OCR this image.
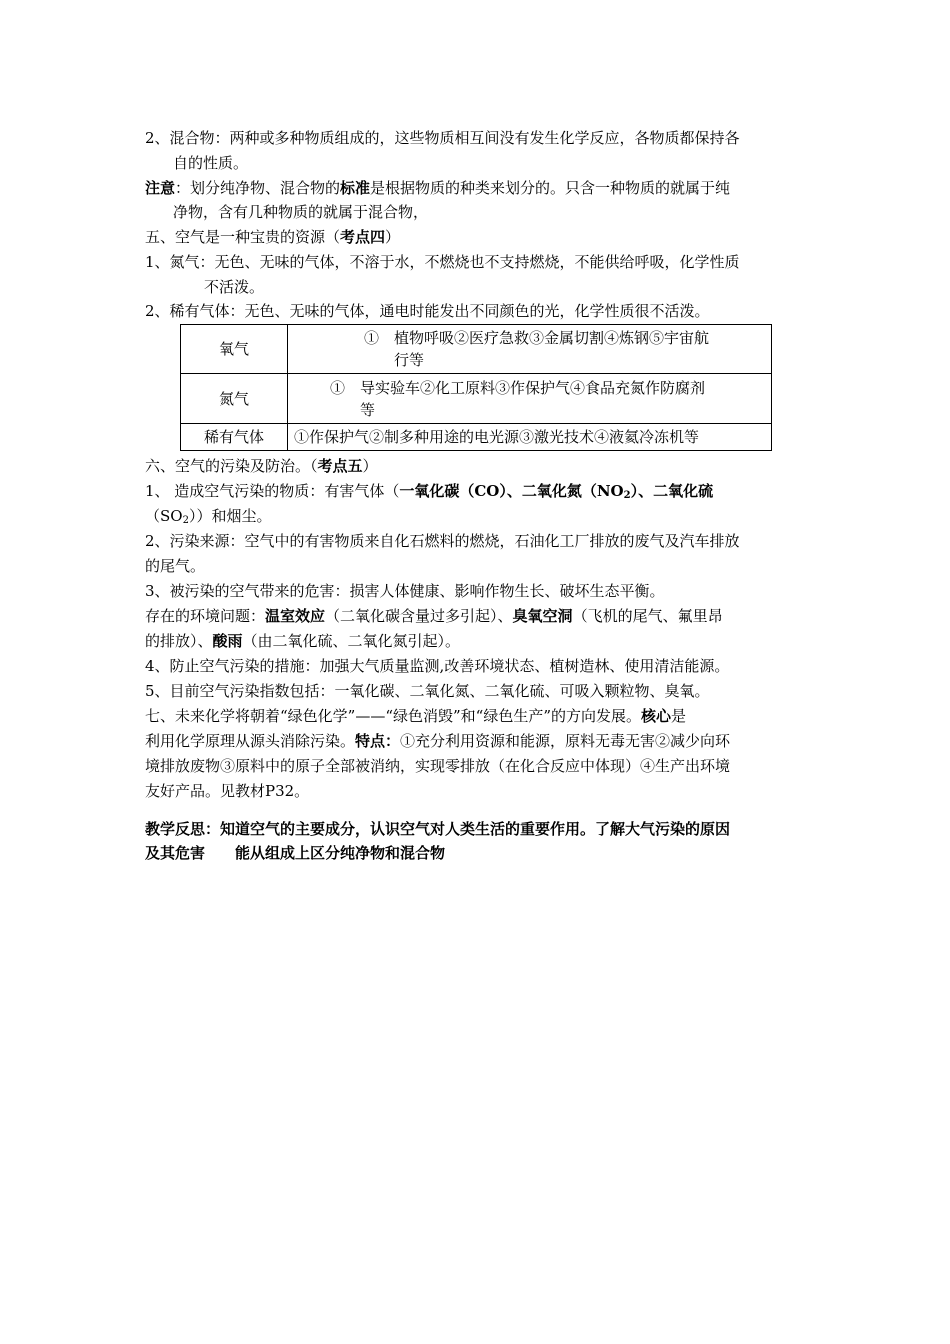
2、混合物：两种或多种物质组成的，这些物质相互间没有发生化学反应，各物质都保持各
自的性质。
注意：划分纯净物、混合物的标准是根据物质的种类来划分的。只含一种物质的就属于纯
净物，含有几种物质的就属于混合物，
五、空气是一种宝贵的资源（考点四）
1、氮气：无色、无味的气体，不溶于水，不燃烧也不支持燃烧，不能供给呼吸，化学性质
不活泼。
2、稀有气体：无色、无味的气体，通电时能发出不同颜色的光，化学性质很不活泼。
氧气	①　植物呼吸②医疗急救③金属切割④炼钢⑤宇宙航
行等

氮气	①　导实验车②化工原料③作保护气④食品充氮作防腐剂
等

稀有气体	①作保护气②制多种用途的电光源③激光技术④液氦冷冻机等
六、空气的污染及防治。（考点五）
1、 造成空气污染的物质：有害气体（一氧化碳（CO）、二氧化氮$(NO_2)$、二氧化硫
$(SO_2)$）和烟尘。
2、污染来源：空气中的有害物质来自化石燃料的燃烧，石油化工厂排放的废气及汽车排放
的尾气。
3、被污染的空气带来的危害：损害人体健康、影响作物生长、破坏生态平衡。
存在的环境问题：温室效应（二氧化碳含量过多引起）、臭氧空洞（飞机的尾气、氟里昂
的排放）、酸雨（由二氧化硫、二氧化氮引起）。
4、防止空气污染的措施：加强大气质量监测,改善环境状态、植树造林、使用清洁能源。
5、目前空气污染指数包括：一氧化碳、二氧化氮、二氧化硫、可吸入颗粒物、臭氧。
七、未来化学将朝着“绿色化学”——“绿色消毁”和“绿色生产”的方向发展。核心是
利用化学原理从源头消除污染。特点：①充分利用资源和能源，原料无毒无害②减少向环
境排放废物③原料中的原子全部被消纳，实现零排放（在化合反应中体现）④生产出环境
友好产品。见教材P32。
教学反思：知道空气的主要成分，认识空气对人类生活的重要作用。了解大气污染的原因
及其危害　　能从组成上区分纯净物和混合物
